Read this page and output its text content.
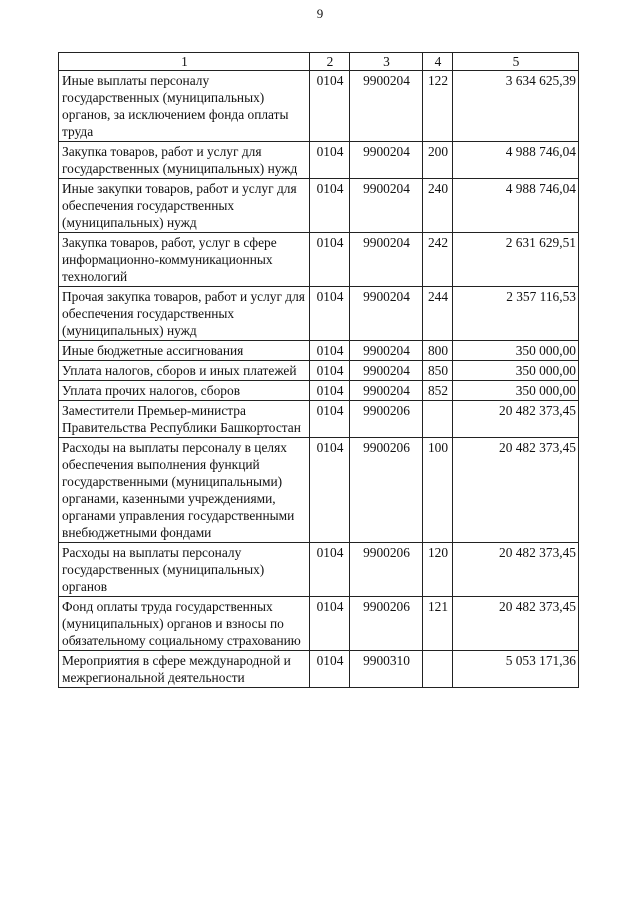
9
1	2	3	4	5
Иные выплаты персоналу государственных (муниципальных) органов, за исключением фонда оплаты труда	0104	9900204	122	3 634 625,39
Закупка товаров, работ и услуг для государственных (муниципальных) нужд	0104	9900204	200	4 988 746,04
Иные закупки товаров, работ и услуг для обеспечения государственных (муниципальных) нужд	0104	9900204	240	4 988 746,04
Закупка товаров, работ, услуг в сфере информационно-коммуникационных технологий	0104	9900204	242	2 631 629,51
Прочая закупка товаров, работ и услуг для обеспечения государственных (муниципальных) нужд	0104	9900204	244	2 357 116,53
Иные бюджетные ассигнования	0104	9900204	800	350 000,00
Уплата налогов, сборов и иных платежей	0104	9900204	850	350 000,00
Уплата прочих налогов, сборов	0104	9900204	852	350 000,00
Заместители Премьер-министра Правительства Республики Башкортостан	0104	9900206		20 482 373,45
Расходы на выплаты персоналу в целях обеспечения выполнения функций государственными (муниципальными) органами, казенными учреждениями, органами управления государственными внебюджетными фондами	0104	9900206	100	20 482 373,45
Расходы на выплаты персоналу государственных (муниципальных) органов	0104	9900206	120	20 482 373,45
Фонд оплаты труда государственных (муниципальных) органов и взносы по обязательному социальному страхованию	0104	9900206	121	20 482 373,45
Мероприятия в сфере международной и межрегиональной деятельности	0104	9900310		5 053 171,36
